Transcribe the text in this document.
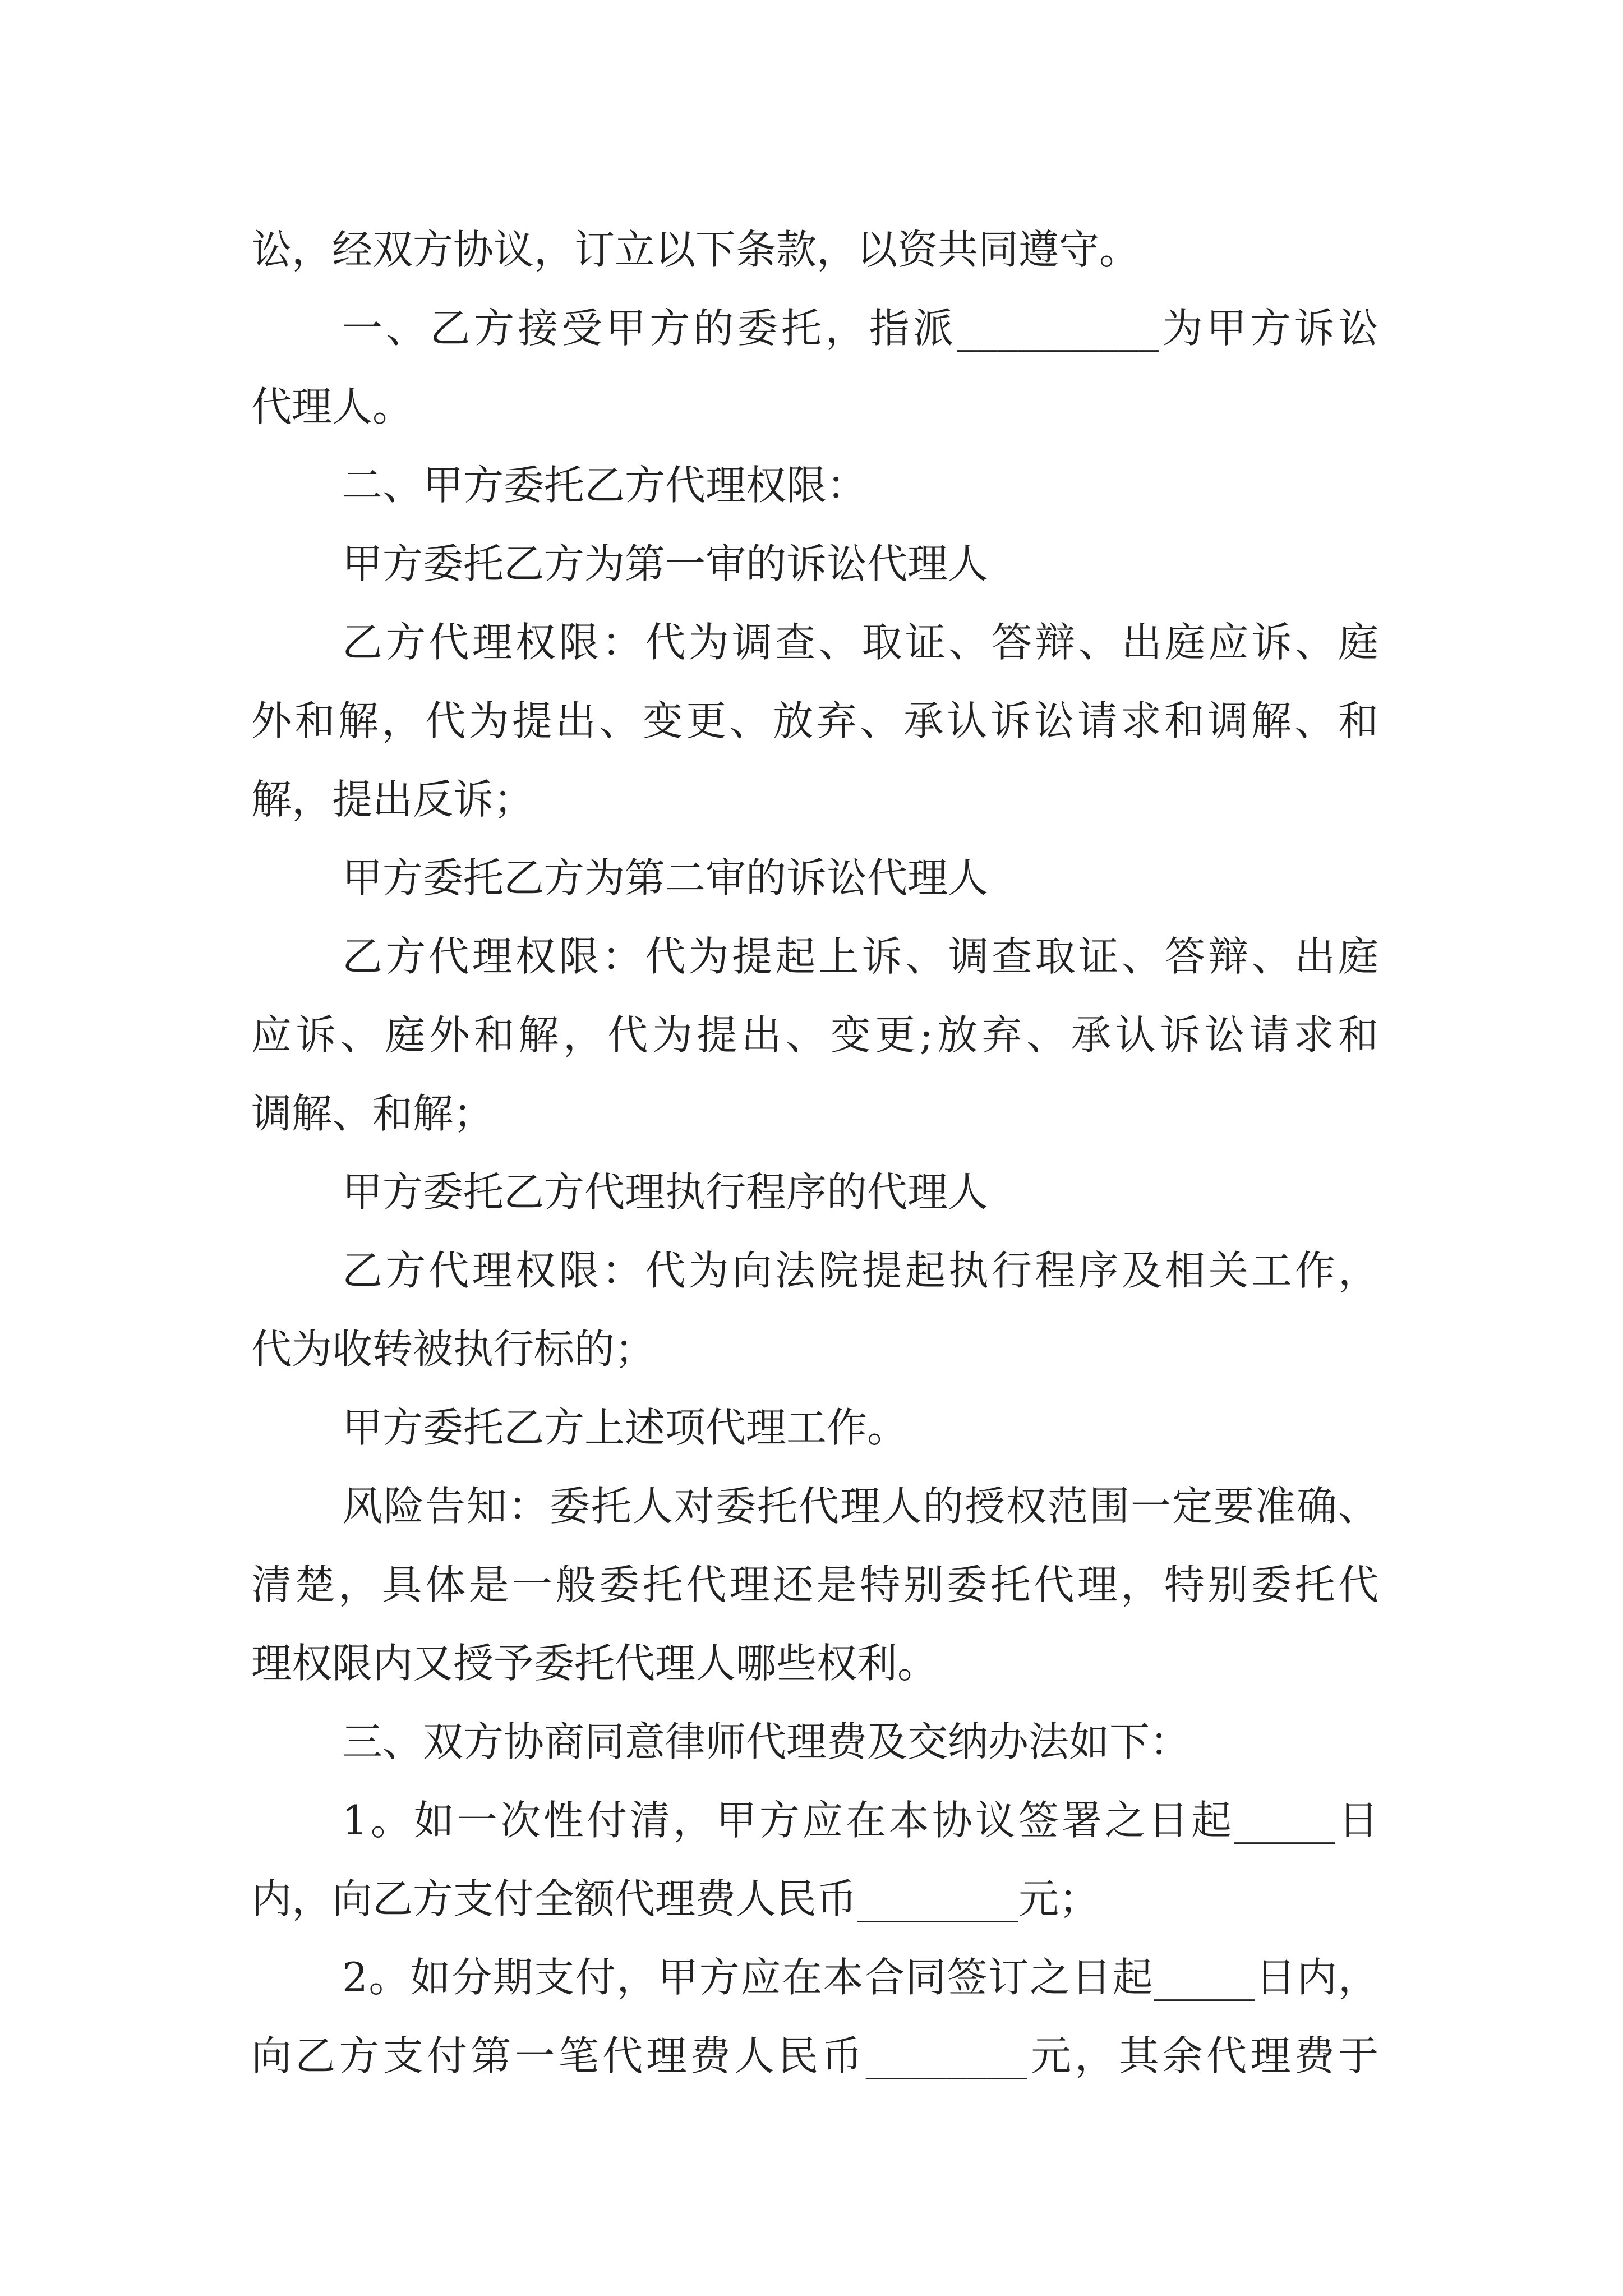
讼，经双方协议，订立以下条款，以资共同遵守。
一、乙方接受甲方的委托，指派__________为甲方诉讼
代理人。
二、甲方委托乙方代理权限：
甲方委托乙方为第一审的诉讼代理人
乙方代理权限：代为调查、取证、答辩、出庭应诉、庭
外和解，代为提出、变更、放弃、承认诉讼请求和调解、和
解，提出反诉；
甲方委托乙方为第二审的诉讼代理人
乙方代理权限：代为提起上诉、调查取证、答辩、出庭
应诉、庭外和解，代为提出、变更;放弃、承认诉讼请求和
调解、和解；
甲方委托乙方代理执行程序的代理人
乙方代理权限：代为向法院提起执行程序及相关工作，
代为收转被执行标的；
甲方委托乙方上述项代理工作。
风险告知：委托人对委托代理人的授权范围一定要准确、
清楚，具体是一般委托代理还是特别委托代理，特别委托代
理权限内又授予委托代理人哪些权利。
三、双方协商同意律师代理费及交纳办法如下：
1。如一次性付清，甲方应在本协议签署之日起_____日
内，向乙方支付全额代理费人民币________元；
2。如分期支付，甲方应在本合同签订之日起_____日内，
向乙方支付第一笔代理费人民币________元，其余代理费于
